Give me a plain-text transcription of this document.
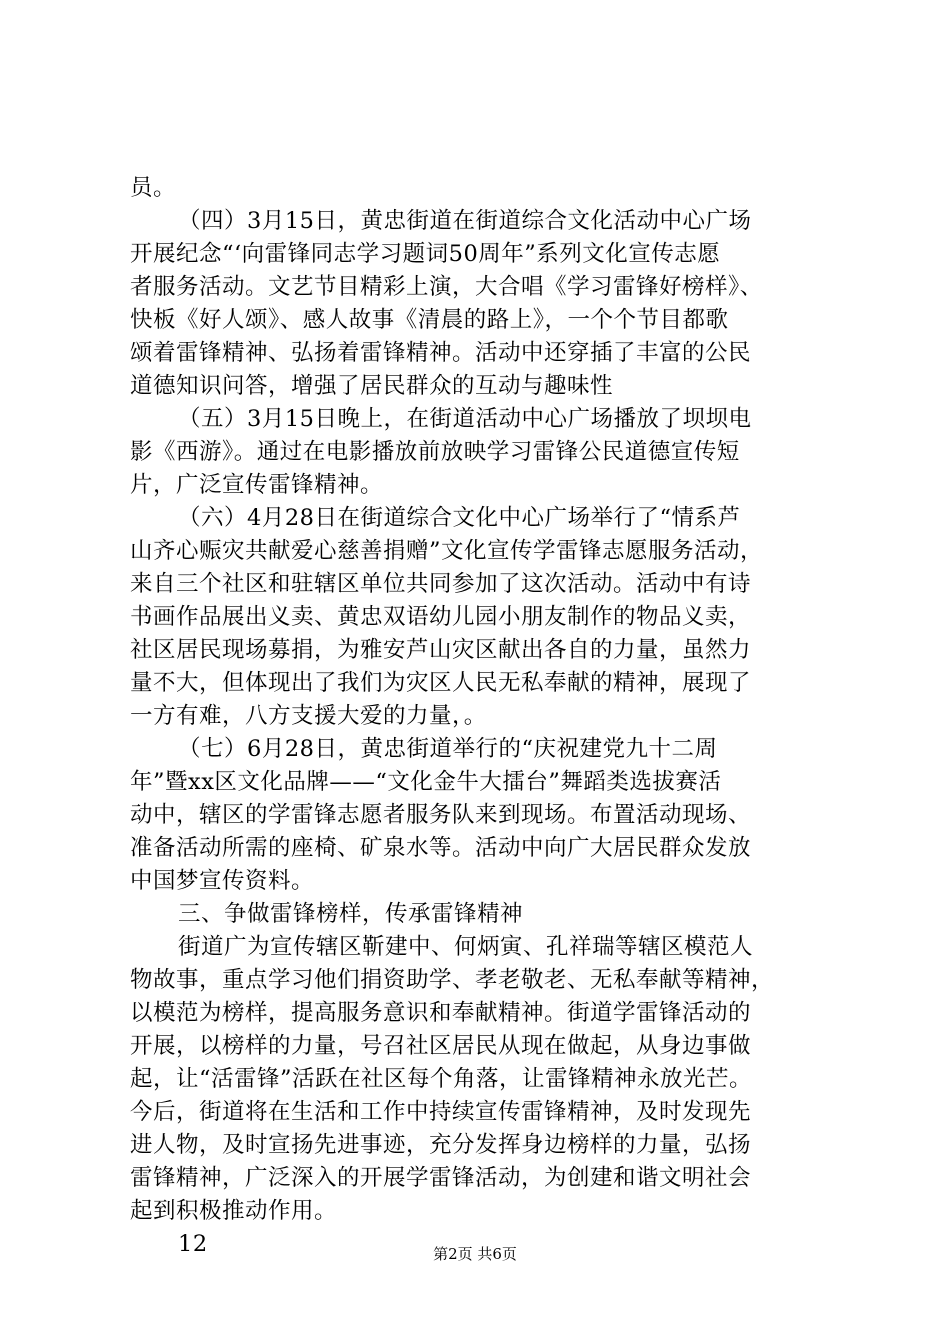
员。
（四）3月15日，黄忠街道在街道综合文化活动中心广场
开展纪念“‘向雷锋同志学习题词50周年”系列文化宣传志愿
者服务活动。文艺节目精彩上演，大合唱《学习雷锋好榜样》、
快板《好人颂》、感人故事《清晨的路上》，一个个节目都歌
颂着雷锋精神、弘扬着雷锋精神。活动中还穿插了丰富的公民
道德知识问答，增强了居民群众的互动与趣味性
（五）3月15日晚上，在街道活动中心广场播放了坝坝电
影《西游》。通过在电影播放前放映学习雷锋公民道德宣传短
片，广泛宣传雷锋精神。
（六）4月28日在街道综合文化中心广场举行了“情系芦
山齐心赈灾共献爱心慈善捐赠”文化宣传学雷锋志愿服务活动，
来自三个社区和驻辖区单位共同参加了这次活动。活动中有诗
书画作品展出义卖、黄忠双语幼儿园小朋友制作的物品义卖，
社区居民现场募捐，为雅安芦山灾区献出各自的力量，虽然力
量不大，但体现出了我们为灾区人民无私奉献的精神，展现了
一方有难，八方支援大爱的力量，。
（七）6月28日，黄忠街道举行的“庆祝建党九十二周
年”暨xx区文化品牌——“文化金牛大擂台”舞蹈类选拔赛活
动中，辖区的学雷锋志愿者服务队来到现场。布置活动现场、
准备活动所需的座椅、矿泉水等。活动中向广大居民群众发放
中国梦宣传资料。
三、争做雷锋榜样，传承雷锋精神
街道广为宣传辖区靳建中、何炳寅、孔祥瑞等辖区模范人
物故事，重点学习他们捐资助学、孝老敬老、无私奉献等精神，
以模范为榜样，提高服务意识和奉献精神。街道学雷锋活动的
开展，以榜样的力量，号召社区居民从现在做起，从身边事做
起，让“活雷锋”活跃在社区每个角落，让雷锋精神永放光芒。
今后，街道将在生活和工作中持续宣传雷锋精神，及时发现先
进人物，及时宣扬先进事迹，充分发挥身边榜样的力量，弘扬
雷锋精神，广泛深入的开展学雷锋活动，为创建和谐文明社会
起到积极推动作用。
12	第2页 共6页
